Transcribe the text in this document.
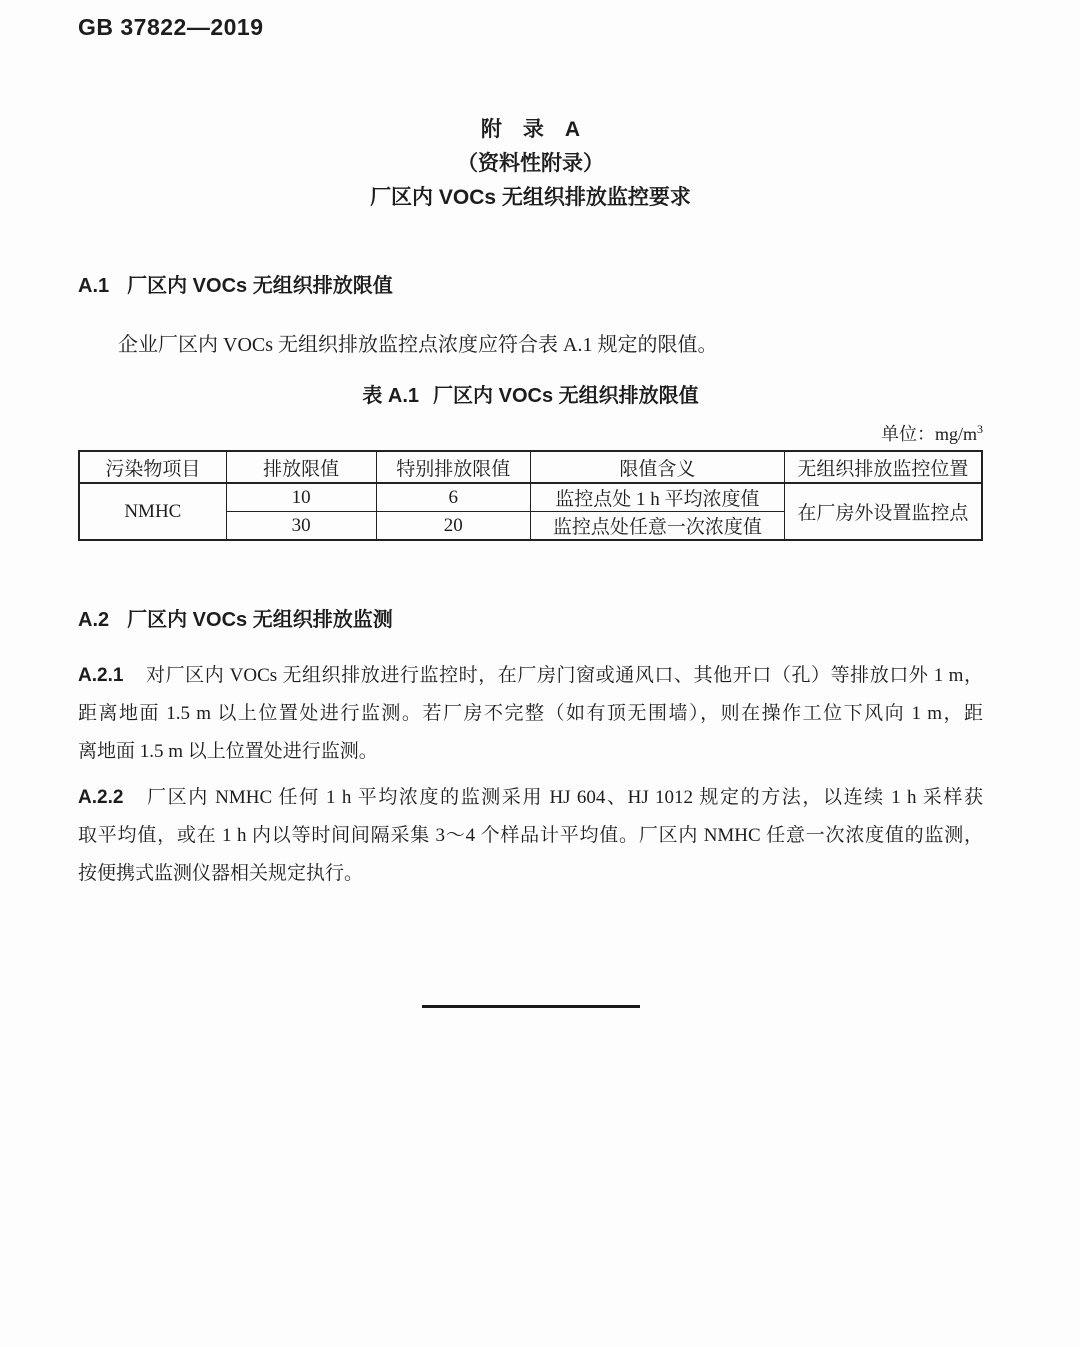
GB 37822—2019
附　录　A
（资料性附录）
厂区内 VOCs 无组织排放监控要求
A.1 厂区内 VOCs 无组织排放限值
企业厂区内 VOCs 无组织排放监控点浓度应符合表 A.1 规定的限值。
表 A.1 厂区内 VOCs 无组织排放限值
单位：$mg/m^3$
污染物项目	排放限值	特别排放限值	限值含义	无组织排放监控位置
NMHC	10	6	监控点处 1 h 平均浓度值	在厂房外设置监控点
	30	20	监控点处任意一次浓度值	
A.2 厂区内 VOCs 无组织排放监测
A.2.1 对厂区内 VOCs 无组织排放进行监控时，在厂房门窗或通风口、其他开口（孔）等排放口外 1 m，
距离地面 1.5 m 以上位置处进行监测。若厂房不完整（如有顶无围墙），则在操作工位下风向 1 m，距
离地面 1.5 m 以上位置处进行监测。
A.2.2 厂区内 NMHC 任何 1 h 平均浓度的监测采用 HJ 604、HJ 1012 规定的方法，以连续 1 h 采样获
取平均值，或在 1 h 内以等时间间隔采集 3～4 个样品计平均值。厂区内 NMHC 任意一次浓度值的监测，
按便携式监测仪器相关规定执行。
